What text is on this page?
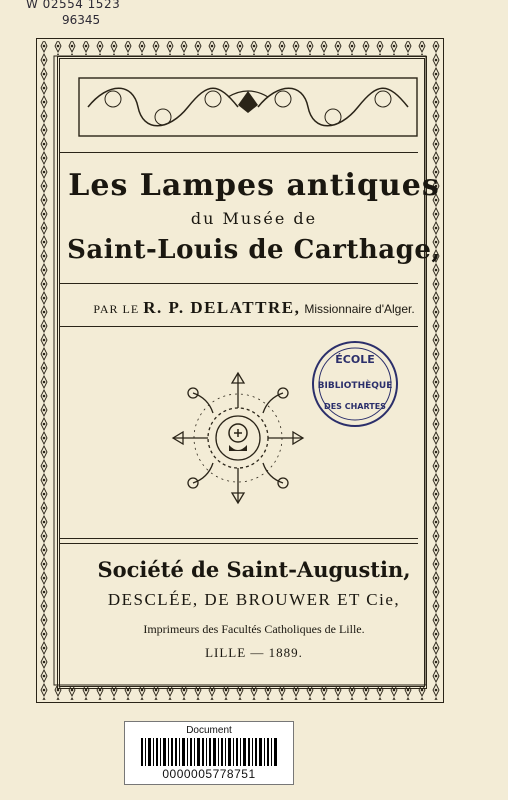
W 02554 1523
96345
Les Lampes antiques
du Musée de
Saint-Louis de Carthage,
PAR LE R. P. DELATTRE, Missionnaire d'Alger.
ÉCOLE
BIBLIOTHÈQUE
DES CHARTES
Société de Saint-Augustin,
DESCLÉE, DE BROUWER ET Cie,
Imprimeurs des Facultés Catholiques de Lille.
LILLE — 1889.
Document
0000005778751
